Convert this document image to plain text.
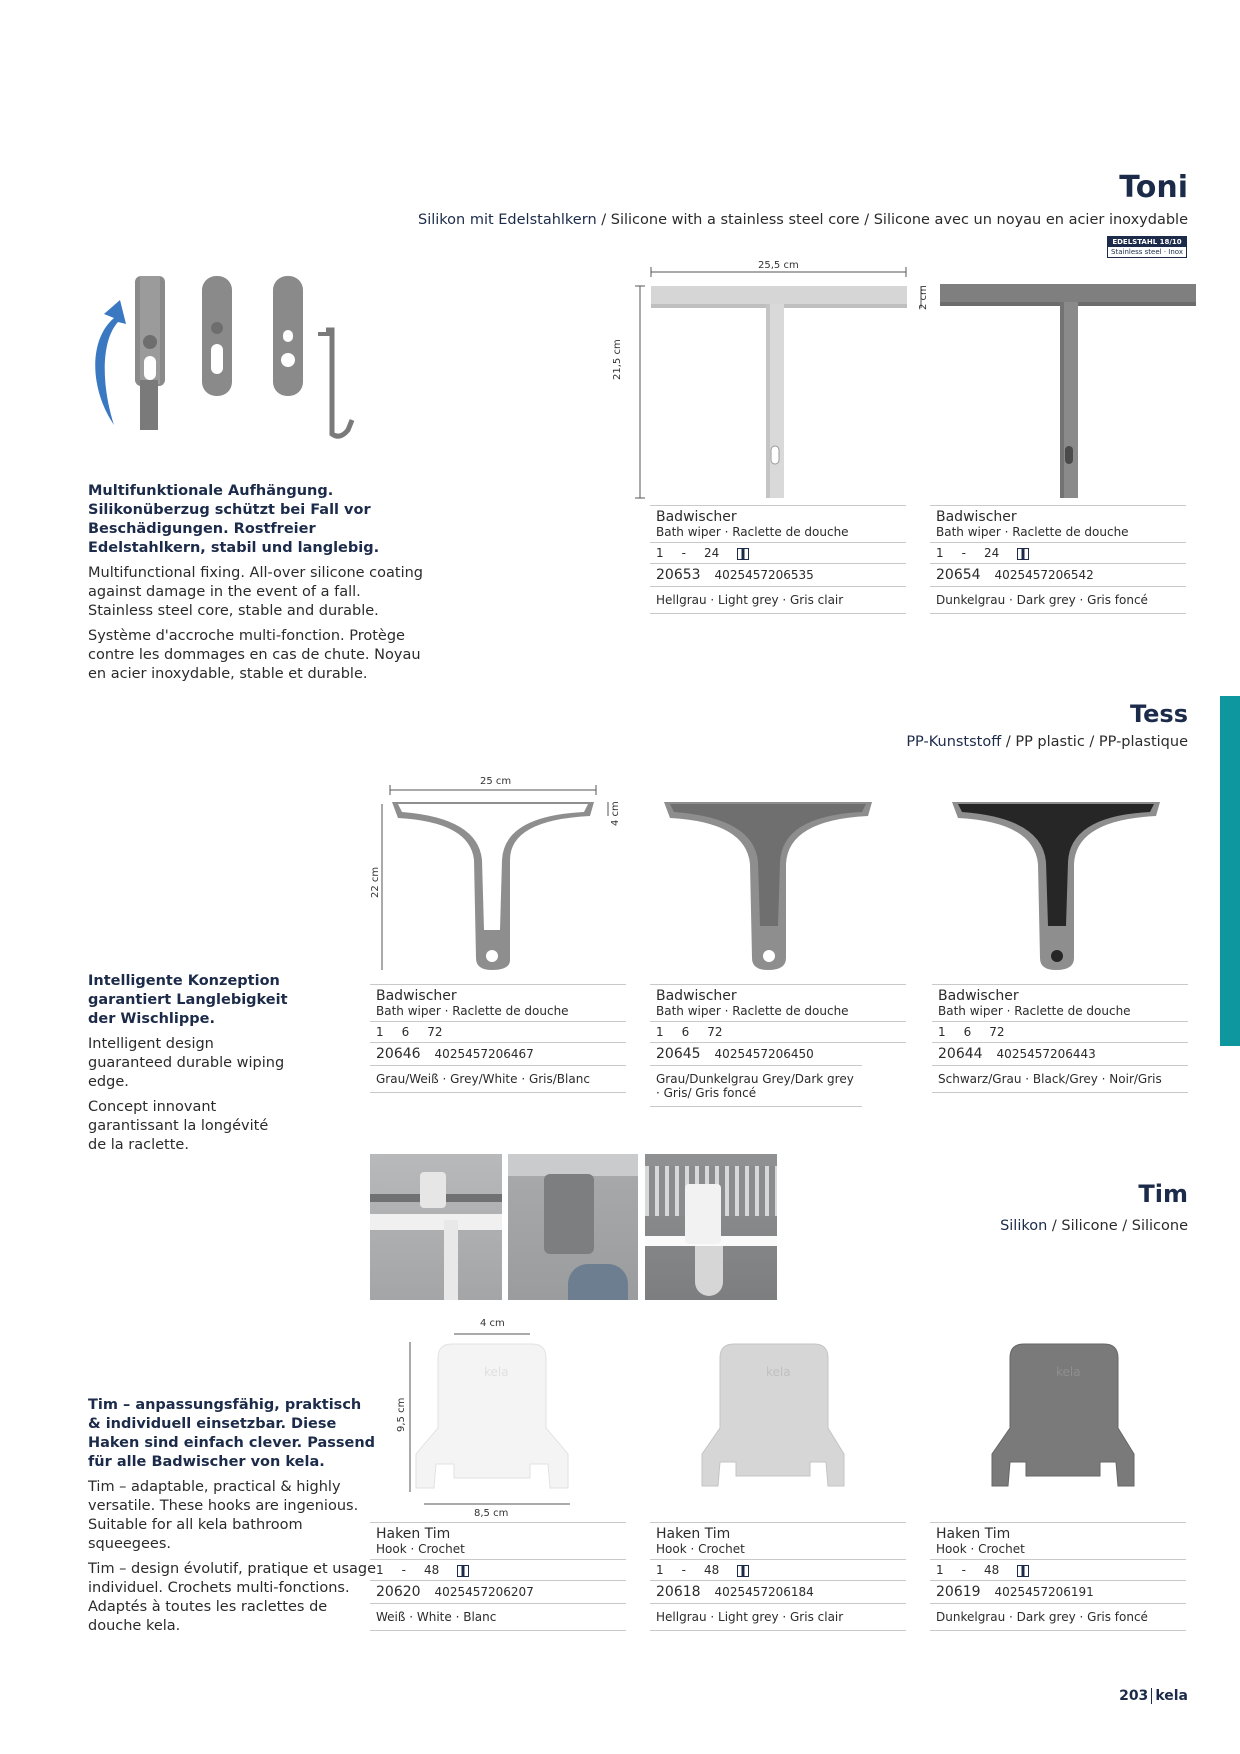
Toni
Silikon mit Edelstahlkern / Silicone with a stainless steel core / Silicone avec un noyau en acier inoxydable
EDELSTAHL 18/10
Stainless steel · Inox
25,5 cm
21,5 cm
2 cm

Multifunktionale Aufhängung. Silikonüberzug schützt bei Fall vor Beschädigungen. Rostfreier Edelstahlkern, stabil und langlebig.

Multifunctional fixing. All-over silicone coating against damage in the event of a fall. Stainless steel core, stable and durable.

Système d'accroche multi-fonction. Protège contre les dommages en cas de chute. Noyau en acier inoxydable, stable et durable.

Badwischer
Bath wiper · Raclette de douche
1 - 24
20653 4025457206535
Hellgrau · Light grey · Gris clair
Badwischer
Bath wiper · Raclette de douche
1 - 24
20654 4025457206542
Dunkelgrau · Dark grey · Gris foncé
Tess
PP-Kunststoff / PP plastic / PP-plastique
25 cm
22 cm
4 cm

Intelligente Konzeption garantiert Langlebigkeit der Wischlippe.

Intelligent design guaranteed durable wiping edge.

Concept innovant garantissant la longévité de la raclette.

Badwischer
Bath wiper · Raclette de douche
1 6 72
20646 4025457206467
Grau/Weiß · Grey/White · Gris/Blanc
Badwischer
Bath wiper · Raclette de douche
1 6 72
20645 4025457206450
Grau/Dunkelgrau Grey/Dark grey · Gris/ Gris foncé
Badwischer
Bath wiper · Raclette de douche
1 6 72
20644 4025457206443
Schwarz/Grau · Black/Grey · Noir/Gris
Tim
Silikon / Silicone / Silicone
kela
4 cm
9,5 cm
8,5 cm
kela	kela

Tim – anpassungsfähig, praktisch & individuell einsetzbar. Diese Haken sind einfach clever. Passend für alle Badwischer von kela.

Tim – adaptable, practical & highly versatile. These hooks are ingenious. Suitable for all kela bathroom squeegees.

Tim – design évolutif, pratique et usage individuel. Crochets multi-fonctions. Adaptés à toutes les raclettes de douche kela.

Haken Tim
Hook · Crochet
1 - 48
20620 4025457206207
Weiß · White · Blanc
Haken Tim
Hook · Crochet
1 - 48
20618 4025457206184
Hellgrau · Light grey · Gris clair
Haken Tim
Hook · Crochet
1 - 48
20619 4025457206191
Dunkelgrau · Dark grey · Gris foncé
203 kela
